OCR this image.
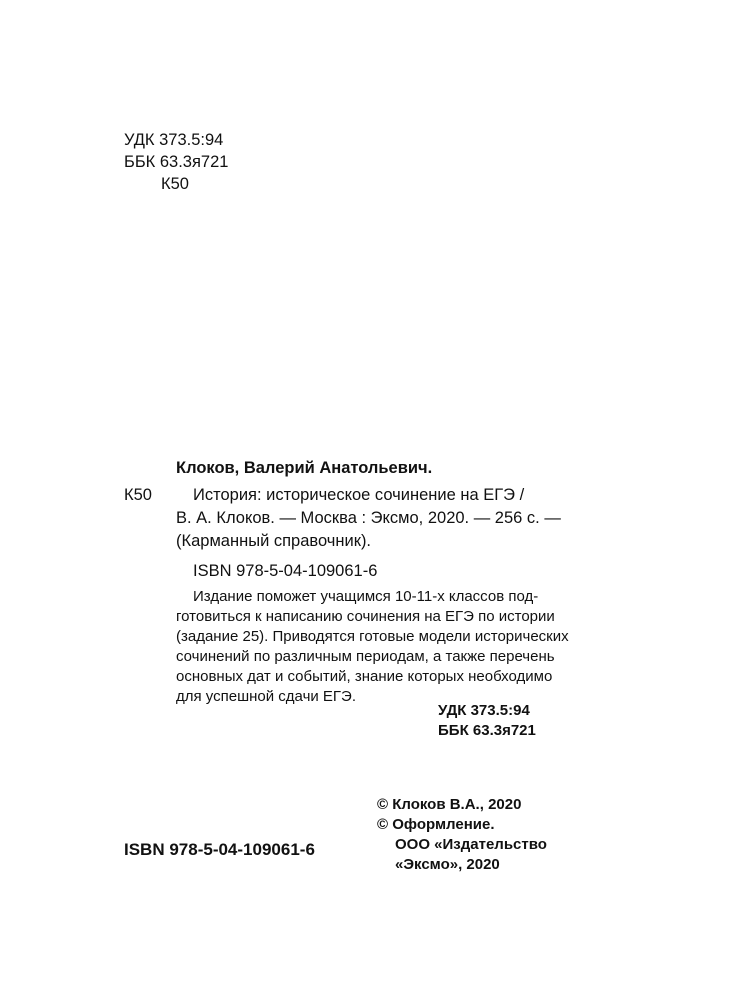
УДК 373.5:94
ББК 63.3я721
К50
Клоков, Валерий Анатольевич.
К50 История: историческое сочинение на ЕГЭ /
В. А. Клоков. — Москва : Эксмо, 2020. — 256 с. —
(Карманный справочник).
ISBN 978-5-04-109061-6
Издание поможет учащимся 10-11-х классов под-
готовиться к написанию сочинения на ЕГЭ по истории
(задание 25). Приводятся готовые модели исторических
сочинений по различным периодам, а также перечень
основных дат и событий, знание которых необходимо
для успешной сдачи ЕГЭ.
УДК 373.5:94
ББК 63.3я721
ISBN 978-5-04-109061-6
© Клоков В.А., 2020
© Оформление.
ООО «Издательство
«Эксмо», 2020
